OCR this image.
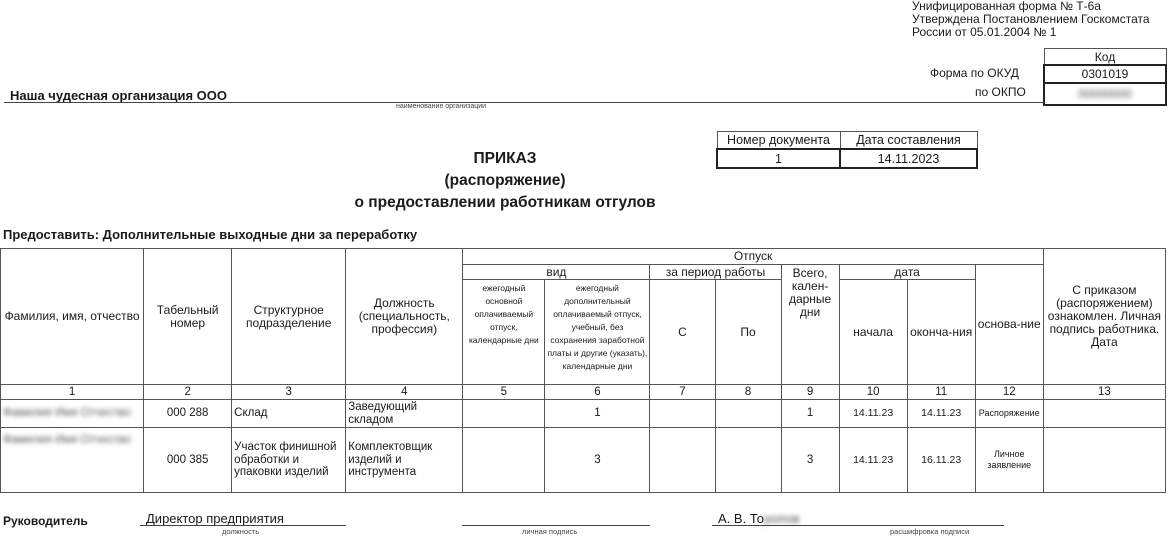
Унифицированная форма № Т-6а
Утверждена Постановлением Госкомстата
России от 05.01.2004 № 1
Код
0301019
00000000
Форма по ОКУД
по ОКПО
Наша чудесная организация ООО
наименование организации
Номер документа	Дата составления
1	14.11.2023
ПРИКАЗ
(распоряжение)
о предоставлении работникам отгулов
Предоставить: Дополнительные выходные дни за переработку
Фамилия, имя, отчество	Табельный номер	Структурное подразделение	Должность (специальность, профессия)	Отпуск								С приказом (распоряжением) ознакомлен. Личная подпись работника. Дата
				вид		за период работы		Всего, кален-дарные дни	дата		основа-ние	
				ежегодный основной оплачиваемый отпуск, календарные дни	ежегодный дополнительный оплачиваемый отпуск, учебный, без сохранения заработной платы и другие (указать), календарные дни	С	По		начала	оконча-ния		

1	2	3	4	5	6	7	8	9	10	11	12	13
Фамилия Имя Отчество	000 288	Склад	Заведующий складом		1			1	14.11.23	14.11.23	Распоряжение	
Фамилия Имя Отчество	000 385	Участок финишной обработки и упаковки изделий	Комплектовщик изделий и инструмента		3			3	14.11.23	16.11.23	Личное заявление	
Руководитель	Директор предприятия
должность	личная подпись
А. В. Торопов
расшифровка подписи
